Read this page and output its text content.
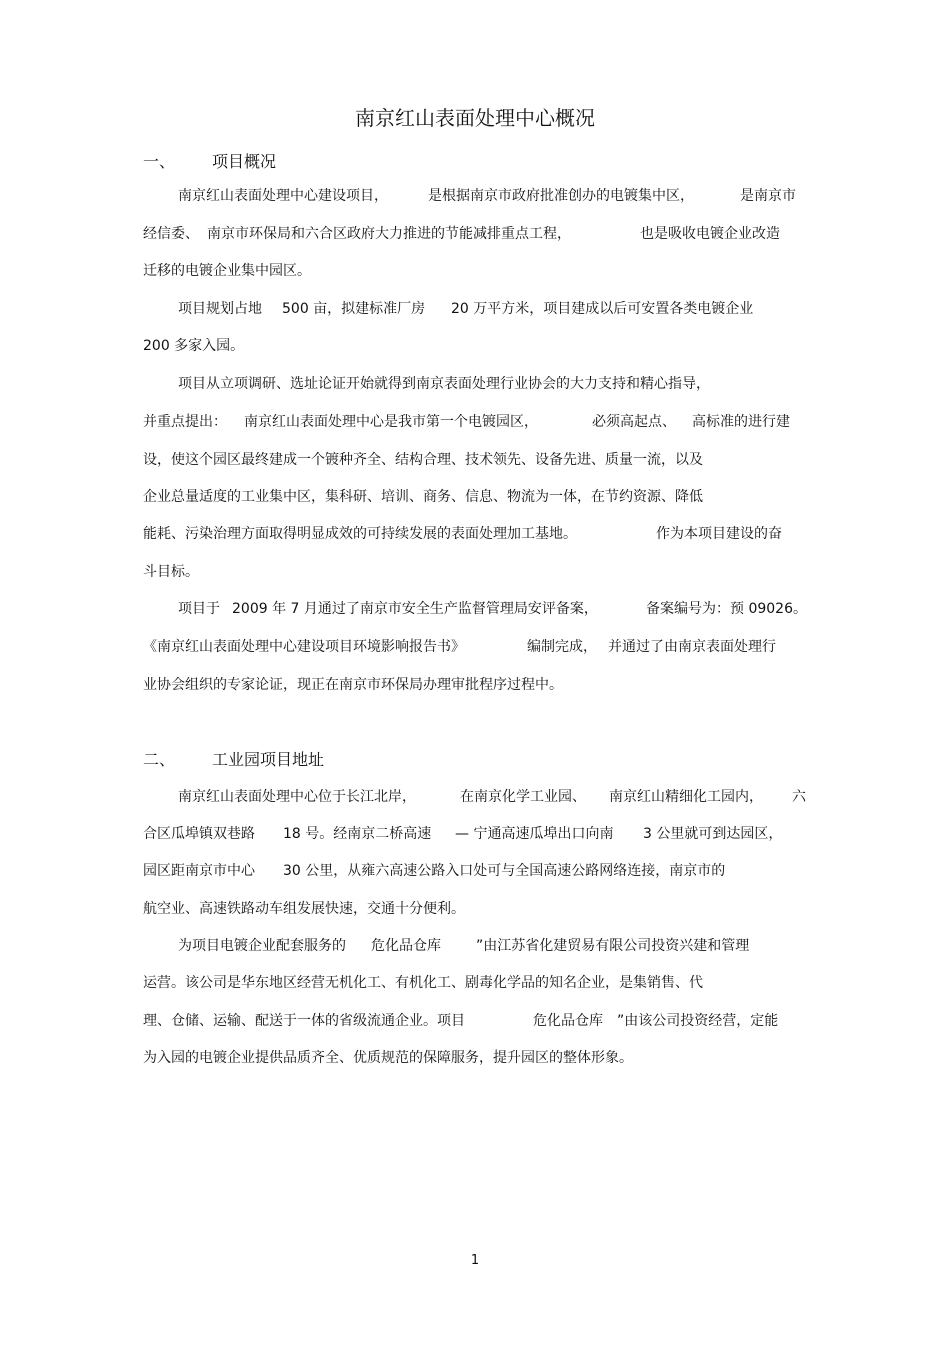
南京红山表面处理中心概况
一、 项目概况
南京红山表面处理中心建设项目，	是根据南京市政府批准创办的电镀集中区，	是南京市
经信委、 南京市环保局和六合区政府大力推进的节能减排重点工程，	也是吸收电镀企业改造
迁移的电镀企业集中园区。
项目规划占地 500 亩，拟建标准厂房 20 万平方米，项目建成以后可安置各类电镀企业
200 多家入园。
项目从立项调研、选址论证开始就得到南京表面处理行业协会的大力支持和精心指导，
并重点提出： 南京红山表面处理中心是我市第一个电镀园区，	必须高起点、 高标准的进行建
设，使这个园区最终建成一个镀种齐全、结构合理、技术领先、设备先进、质量一流，以及
企业总量适度的工业集中区，集科研、培训、商务、信息、物流为一体，在节约资源、降低
能耗、污染治理方面取得明显成效的可持续发展的表面处理加工基地。	作为本项目建设的奋
斗目标。
项目于 2009 年 7 月通过了南京市安全生产监督管理局安评备案，	备案编号为：预 09026。
《南京红山表面处理中心建设项目环境影响报告书》	编制完成， 并通过了由南京表面处理行
业协会组织的专家论证，现正在南京市环保局办理审批程序过程中。
二、 工业园项目地址
南京红山表面处理中心位于长江北岸，	在南京化学工业园、 南京红山精细化工园内， 六
合区瓜埠镇双巷路 18 号。经南京二桥高速 — 宁通高速瓜埠出口向南 3 公里就可到达园区，
园区距南京市中心 30 公里，从雍六高速公路入口处可与全国高速公路网络连接，南京市的
航空业、高速铁路动车组发展快速，交通十分便利。
为项目电镀企业配套服务的 危化品仓库	”由江苏省化建贸易有限公司投资兴建和管理
运营。该公司是华东地区经营无机化工、有机化工、剧毒化学品的知名企业，是集销售、代
理、仓储、运输、配送于一体的省级流通企业。项目	危化品仓库 ”由该公司投资经营，定能
为入园的电镀企业提供品质齐全、优质规范的保障服务，提升园区的整体形象。
1
